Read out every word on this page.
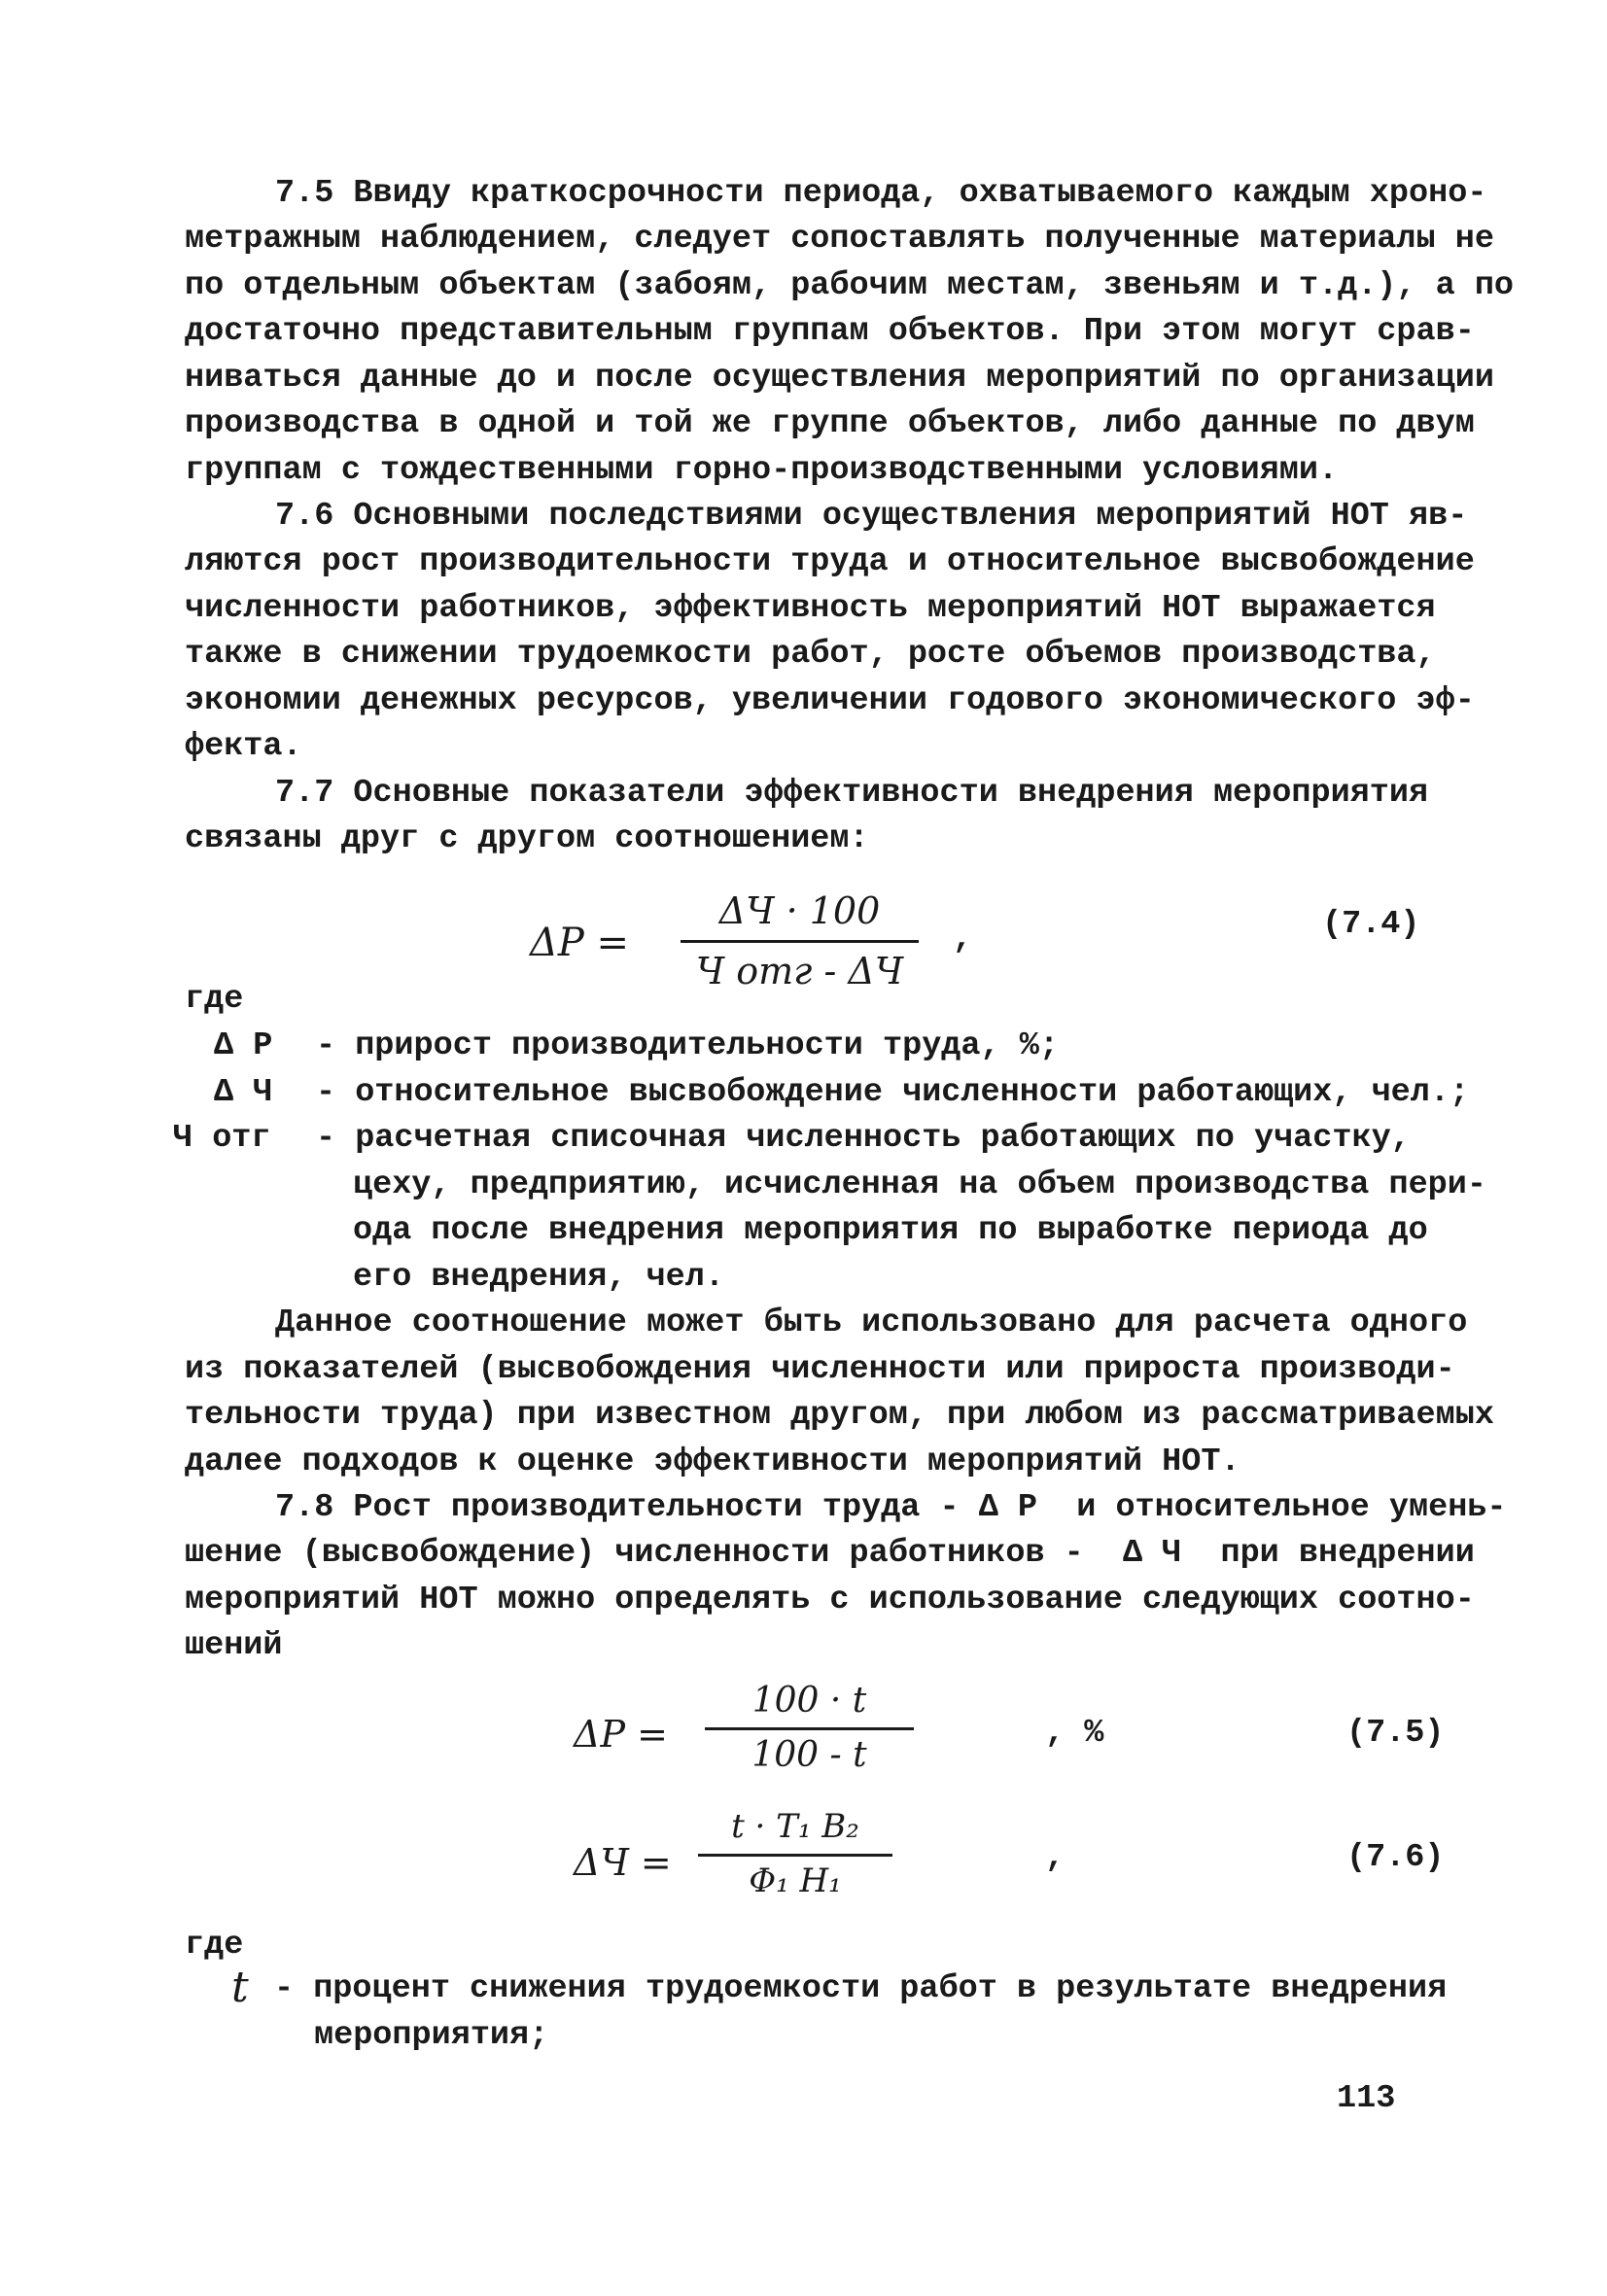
7.5 Ввиду краткосрочности периода, охватываемого каждым хроно-
метражным наблюдением, следует сопоставлять полученные материалы не
по отдельным объектам (забоям, рабочим местам, звеньям и т.д.), а по
достаточно представительным группам объектов. При этом могут срав-
ниваться данные до и после осуществления мероприятий по организации
производства в одной и той же группе объектов, либо данные по двум
группам с тождественными горно-производственными условиями.
7.6 Основными последствиями осуществления мероприятий НОТ яв-
ляются рост производительности труда и относительное высвобождение
численности работников, эффективность мероприятий НОТ выражается
также в снижении трудоемкости работ, росте объемов производства,
экономии денежных ресурсов, увеличении годового экономического эф-
фекта.
7.7 Основные показатели эффективности внедрения мероприятия
связаны друг с другом соотношением:
ΔP =
ΔЧ · 100
Ч отг - ΔЧ
,	(7.4)
где
Δ P - прирост производительности труда, %;
Δ Ч - относительное высвобождение численности работающих, чел.;
Ч отг - расчетная списочная численность работающих по участку,
цеху, предприятию, исчисленная на объем производства пери-
ода после внедрения мероприятия по выработке периода до
его внедрения, чел.
Данное соотношение может быть использовано для расчета одного
из показателей (высвобождения численности или прироста производи-
тельности труда) при известном другом, при любом из рассматриваемых
далее подходов к оценке эффективности мероприятий НОТ.
7.8 Рост производительности труда - Δ P  и относительное умень-
шение (высвобождение) численности работников -  Δ Ч  при внедрении
мероприятий НОТ можно определять с использование следующих соотно-
шений
ΔP =
100 · t
100 - t
, %	(7.5)
ΔЧ =
t · T₁ B₂
Φ₁ H₁
,	(7.6)
где
t - процент снижения трудоемкости работ в результате внедрения
мероприятия;
113
